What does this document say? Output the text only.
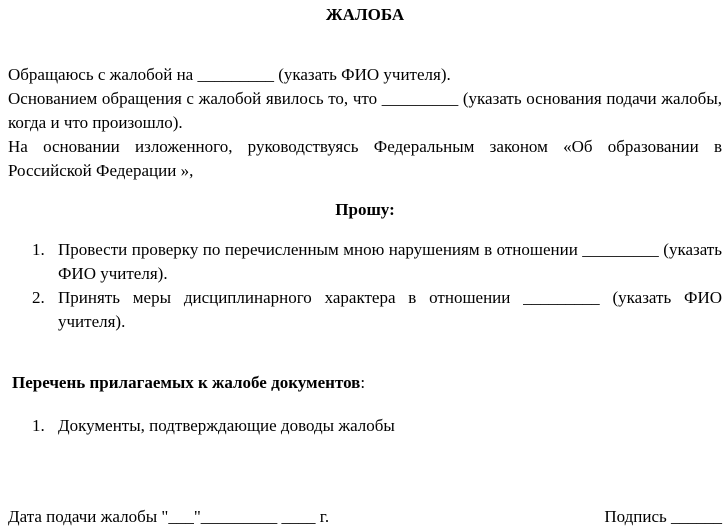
ЖАЛОБА

Обращаюсь с жалобой на _________ (указать ФИО учителя).

Основанием обращения с жалобой явилось то, что _________ (указать основания подачи жалобы, когда и что произошло).

На основании изложенного, руководствуясь Федеральным законом «Об образовании в Российской Федерации »,

Прошу:
1. Провести проверку по перечисленным мною нарушениям в отношении _________ (указать ФИО учителя).
2. Принять меры дисциплинарного характера в отношении _________ (указать ФИО учителя).
Перечень прилагаемых к жалобе документов:
1. Документы, подтверждающие доводы жалобы
Дата подачи жалобы "___"_________ ____ г.	Подпись ______
